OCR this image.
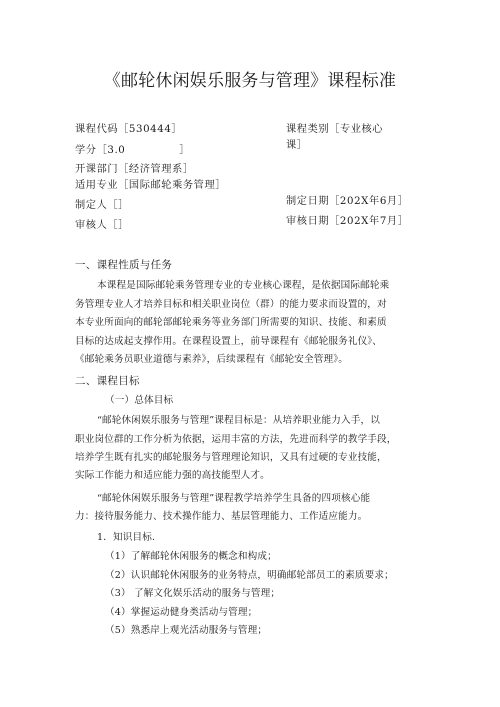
《邮轮休闲娱乐服务与管理》课程标准
课程代码［530444］	课程类别［专业核心
课］
学分［3.0　　　　　］
开课部门［经济管理系］
适用专业［国际邮轮乘务管理］
制定人［］	制定日期［202X年6月］
审核人［］	审核日期［202X年7月］
一、课程性质与任务
本课程是国际邮轮乘务管理专业的专业核心课程，是依据国际邮轮乘
务管理专业人才培养目标和相关职业岗位（群）的能力要求而设置的，对
本专业所面向的邮轮部邮轮乘务等业务部门所需要的知识、技能、和素质
目标的达成起支撑作用。在课程设置上，前导课程有《邮轮服务礼仪》、
《邮轮乘务员职业道德与素养》，后续课程有《邮轮安全管理》。
二、课程目标
（一）总体目标
“邮轮休闲娱乐服务与管理”课程目标是：从培养职业能力入手，以
职业岗位群的工作分析为依据，运用丰富的方法，先进而科学的教学手段，
培养学生既有扎实的邮轮服务与管理理论知识，又具有过硬的专业技能，
实际工作能力和适应能力强的高技能型人才。
“邮轮休闲娱乐服务与管理”课程教学培养学生具备的四项核心能
力：接待服务能力、技术操作能力、基层管理能力、工作适应能力。
1．知识目标.
（1）了解邮轮休闲服务的概念和构成；
（2）认识邮轮休闲服务的业务特点，明确邮轮部员工的素质要求；
（3） 了解文化娱乐活动的服务与管理；
（4）掌握运动健身类活动与管理；
（5）熟悉岸上观光活动服务与管理；
